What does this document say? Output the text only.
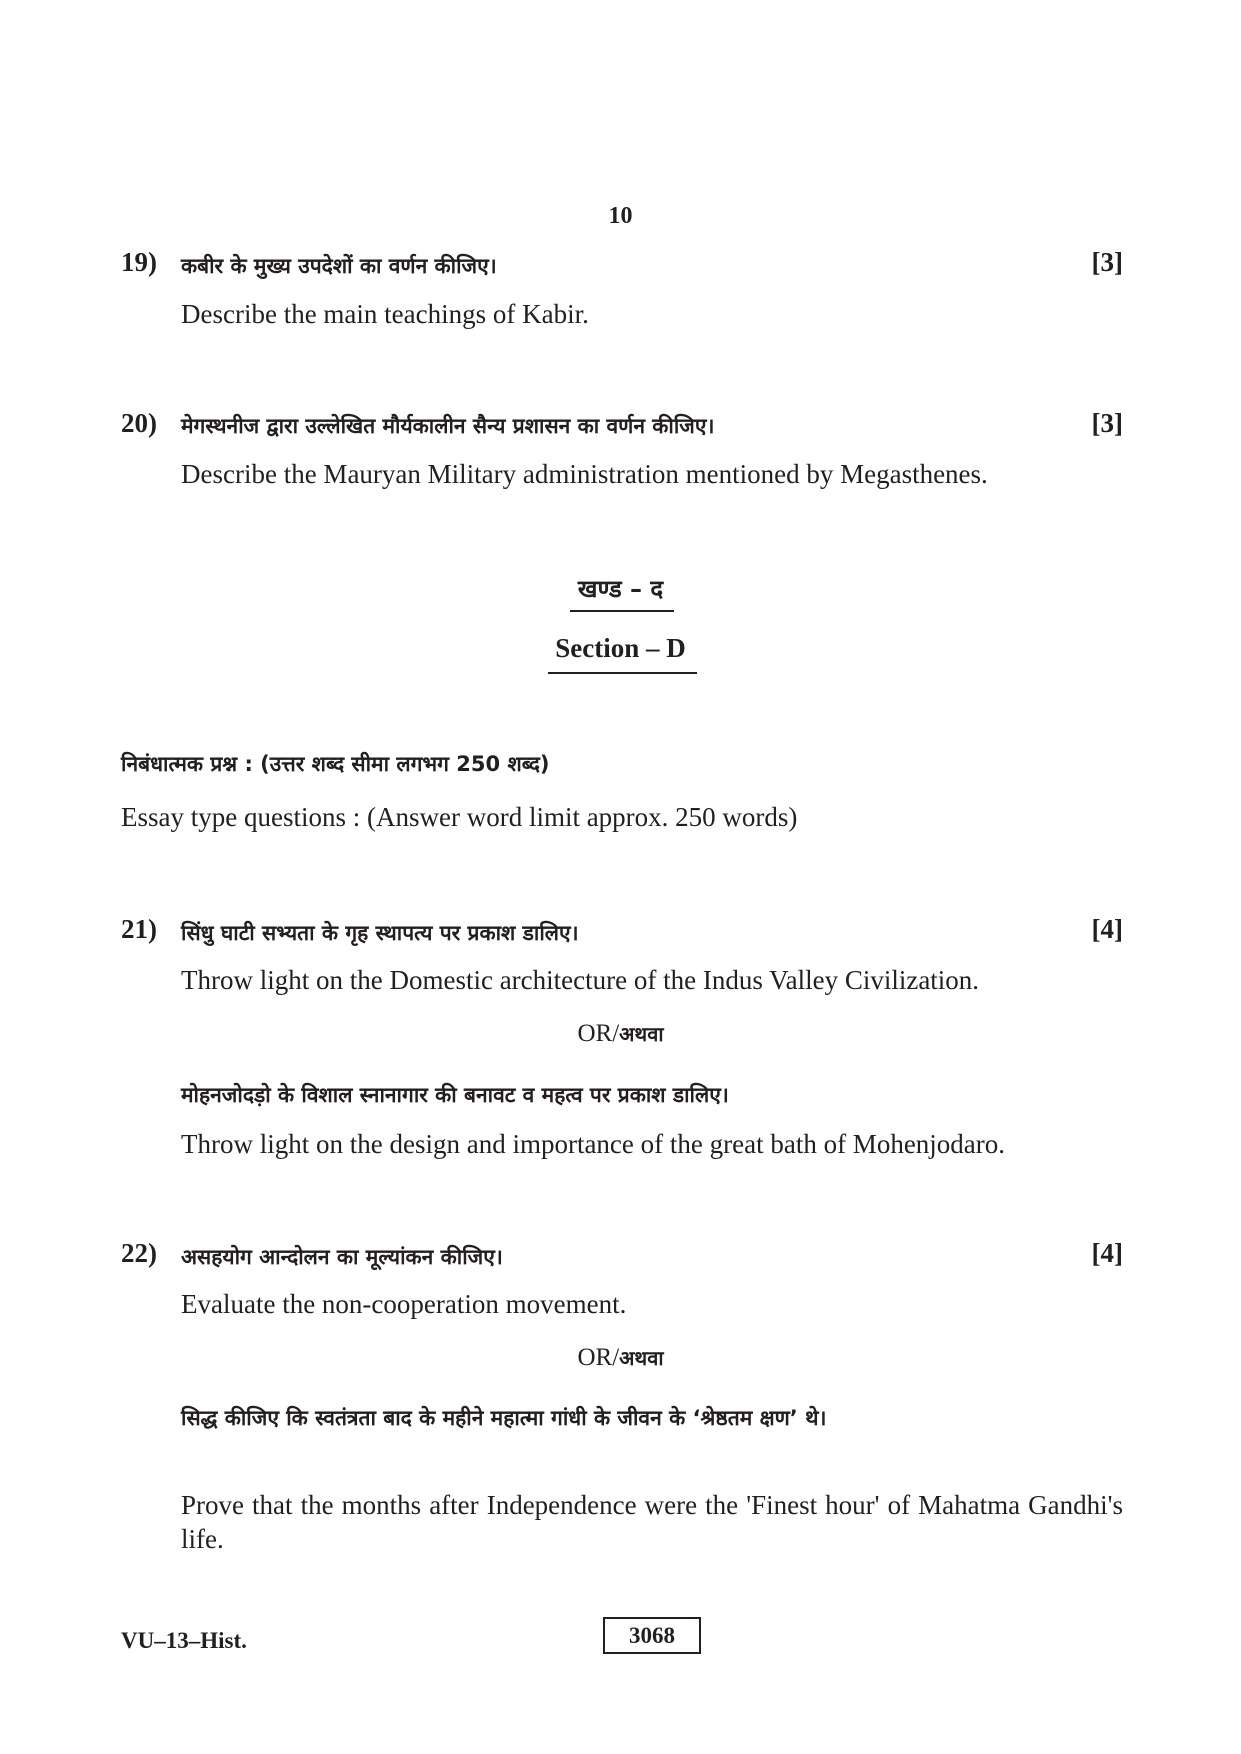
10
19) कबीर के मुख्य उपदेशों का वर्णन कीजिए।	[3]
Describe the main teachings of Kabir.
20) मेगस्थनीज द्वारा उल्लेखित मौर्यकालीन सैन्य प्रशासन का वर्णन कीजिए।	[3]
Describe the Mauryan Military administration mentioned by Megasthenes.
खण्ड – द
Section – D
निबंधात्मक प्रश्न : (उत्तर शब्द सीमा लगभग 250 शब्द)
Essay type questions : (Answer word limit approx. 250 words)
21) सिंधु घाटी सभ्यता के गृह स्थापत्य पर प्रकाश डालिए।	[4]
Throw light on the Domestic architecture of the Indus Valley Civilization.
OR/अथवा
मोहनजोदड़ो के विशाल स्नानागार की बनावट व महत्व पर प्रकाश डालिए।
Throw light on the design and importance of the great bath of Mohenjodaro.
22) असहयोग आन्दोलन का मूल्यांकन कीजिए।	[4]
Evaluate the non-cooperation movement.
OR/अथवा
सिद्ध कीजिए कि स्वतंत्रता बाद के महीने महात्मा गांधी के जीवन के ‘श्रेष्ठतम क्षण’ थे।
Prove that the months after Independence were the 'Finest hour' of Mahatma Gandhi's life.
VU–13–Hist.	3068
